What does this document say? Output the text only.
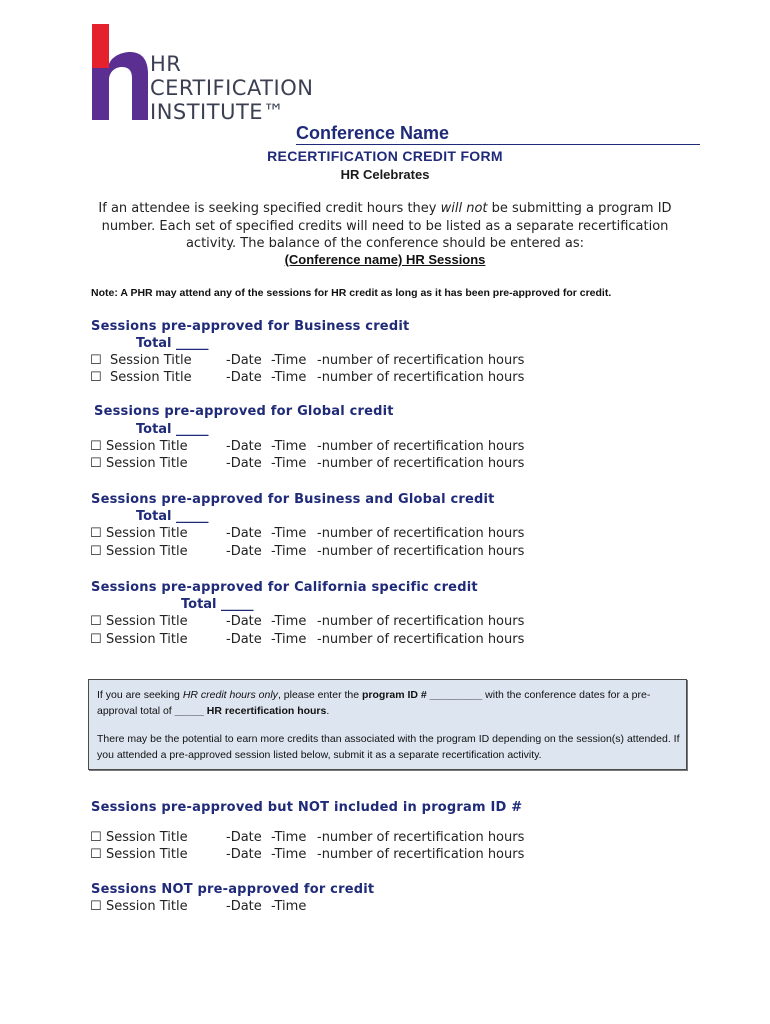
HR
CERTIFICATION
INSTITUTE™
Conference Name
RECERTIFICATION CREDIT FORM
HR Celebrates
If an attendee is seeking specified credit hours they will not be submitting a program ID number. Each set of specified credits will need to be listed as a separate recertification activity. The balance of the conference should be entered as:
(Conference name) HR Sessions
Note: A PHR may attend any of the sessions for HR credit as long as it has been pre-approved for credit.
Sessions pre-approved for Business credit
Total _____
☐ Session Title	-Date -Time -number of recertification hours
☐ Session Title	-Date -Time -number of recertification hours
Sessions pre-approved for Global credit
Total _____
☐ Session Title	-Date -Time -number of recertification hours
☐ Session Title	-Date -Time -number of recertification hours
Sessions pre-approved for Business and Global credit
Total _____
☐ Session Title	-Date -Time -number of recertification hours
☐ Session Title	-Date -Time -number of recertification hours
Sessions pre-approved for California specific credit
Total _____
☐ Session Title	-Date -Time -number of recertification hours
☐ Session Title	-Date -Time -number of recertification hours

If you are seeking HR credit hours only, please enter the program ID # _________ with the conference dates for a pre-approval total of _____ HR recertification hours.

There may be the potential to earn more credits than associated with the program ID depending on the session(s) attended. If you attended a pre-approved session listed below, submit it as a separate recertification activity.

Sessions pre-approved but NOT included in program ID #
☐ Session Title	-Date -Time -number of recertification hours
☐ Session Title	-Date -Time -number of recertification hours
Sessions NOT pre-approved for credit
☐ Session Title	-Date -Time
